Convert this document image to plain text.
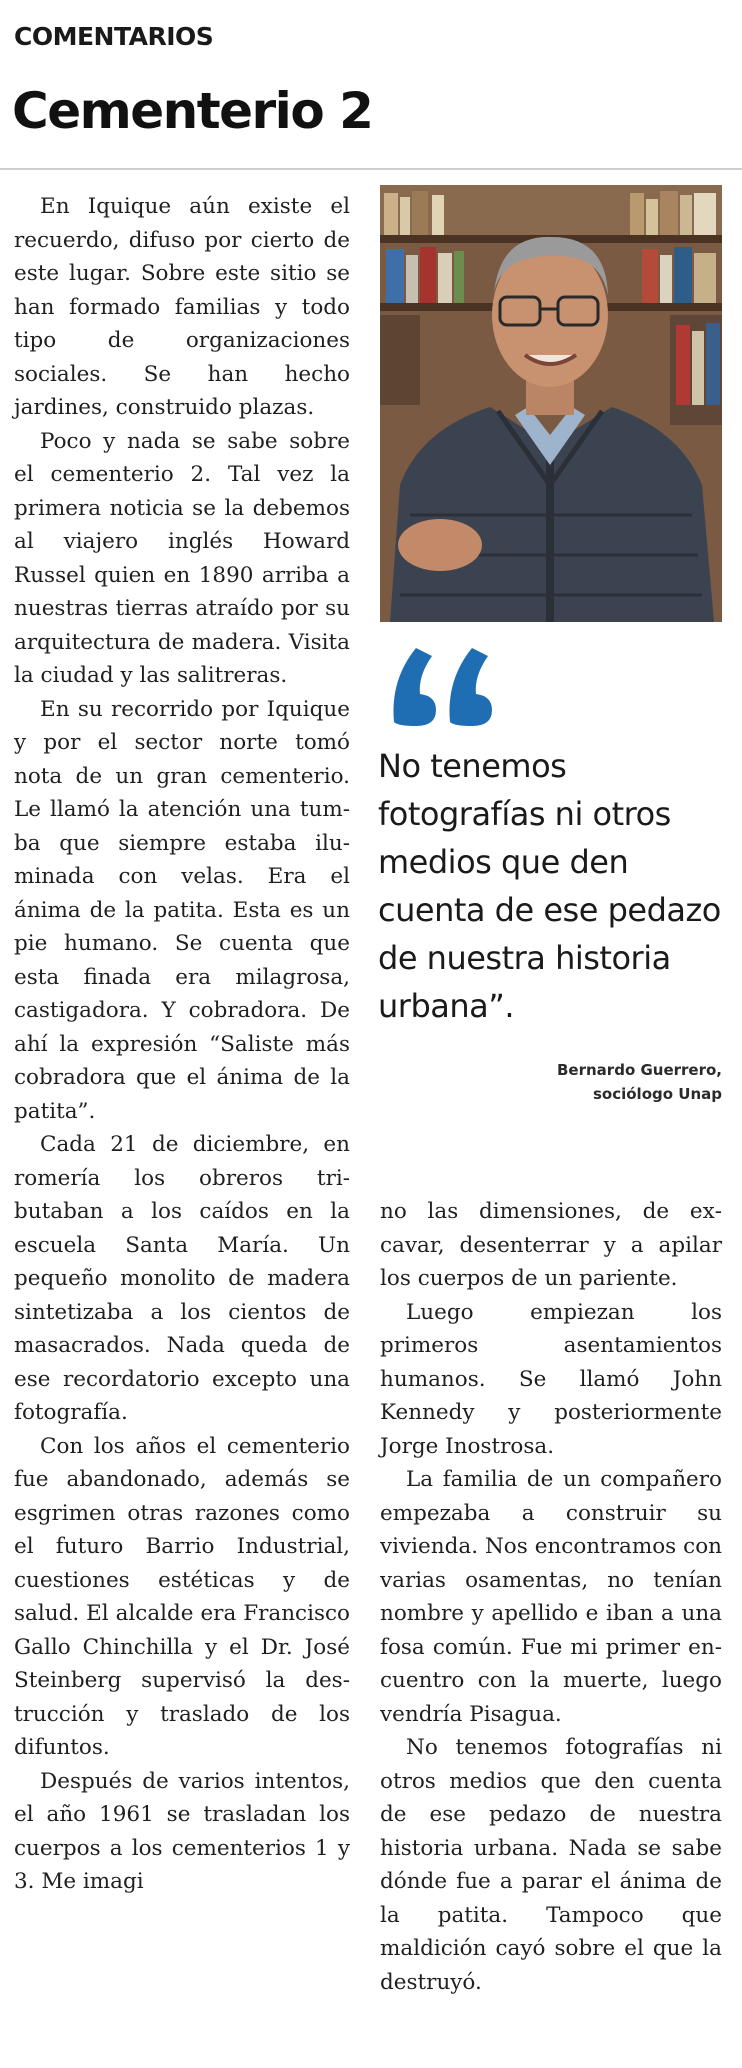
COMENTARIOS
Cementerio 2

En Iquique aún existe el recuerdo, difuso por cierto de este lugar. Sobre este sitio se han formado familias y todo tipo de organizaciones sociales. Se han hecho jardines, construido plazas.

Poco y nada se sabe sobre el cementerio 2. Tal vez la primera noticia se la debemos al viajero inglés Howard Russel quien en 1890 arriba a nuestras tierras atraído por su arquitectura de madera. Visita la ciudad y las salitreras.

En su recorrido por Iquique y por el sector norte tomó nota de un gran cementerio. Le llamó la atención una tumba que siempre estaba iluminada con velas. Era el ánima de la patita. Esta es un pie humano. Se cuenta que esta finada era milagrosa, castigadora. Y cobradora. De ahí la expresión “Saliste más cobradora que el ánima de la patita”.

Cada 21 de diciembre, en romería los obreros tributaban a los caídos en la escuela Santa María. Un pequeño monolito de madera sintetizaba a los cientos de masacrados. Nada queda de ese recordatorio excepto una fotografía.

Con los años el cementerio fue abandonado, además se esgrimen otras razones como el futuro Barrio Industrial, cuestiones estéticas y de salud. El alcalde era Francisco Gallo Chinchilla y el Dr. José Steinberg supervisó la destrucción y traslado de los difuntos.

Después de varios intentos, el año 1961 se trasladan los cuerpos a los cementerios 1 y 3. Me imagi

No tenemos fotografías ni otros medios que den cuenta de ese pedazo de nuestra historia urbana”.
Bernardo Guerrero,
sociólogo Unap

no las dimensiones, de excavar, desenterrar y a apilar los cuerpos de un pariente.

Luego empiezan los primeros asentamientos humanos. Se llamó John Kennedy y posteriormente Jorge Inostrosa.

La familia de un compañero empezaba a construir su vivienda. Nos encontramos con varias osamentas, no tenían nombre y apellido e iban a una fosa común. Fue mi primer encuentro con la muerte, luego vendría Pisagua.

No tenemos fotografías ni otros medios que den cuenta de ese pedazo de nuestra historia urbana. Nada se sabe dónde fue a parar el ánima de la patita. Tampoco que maldición cayó sobre el que la destruyó.
